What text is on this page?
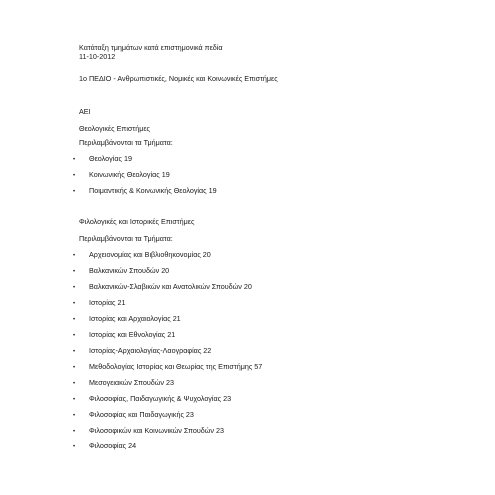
Κατάταξη τμημάτων κατά επιστημονικά πεδία
11-10-2012
1ο ΠΕΔΙΟ - Ανθρωπιστικές, Νομικές και Κοινωνικές Επιστήμες
ΑΕΙ
Θεολογικές Επιστήμες
Περιλαμβάνονται τα Τμήματα:
• Θεολογίας 19
• Κοινωνικής Θεολογίας 19
• Ποιμαντικής & Κοινωνικής Θεολογίας 19
Φιλολογικές και Ιστορικές Επιστήμες
Περιλαμβάνονται τα Τμήματα:
• Αρχειονομίας και Βιβλιοθηκονομίας 20
• Βαλκανικών Σπουδών 20
• Βαλκανικών-Σλαβικών και Ανατολικών Σπουδών 20
• Ιστορίας 21
• Ιστορίας και Αρχαιολογίας 21
• Ιστορίας και Εθνολογίας 21
• Ιστορίας-Αρχαιολογίας-Λαογραφίας 22
• Μεθοδολογίας Ιστορίας και Θεωρίας της Επιστήμης 57
• Μεσογειακών Σπουδών 23
• Φιλοσοφίας, Παιδαγωγικής & Ψυχολογίας 23
• Φιλοσοφίας και Παιδαγωγικής 23
• Φιλοσοφικών και Κοινωνικών Σπουδών 23
• Φιλοσοφίας 24
